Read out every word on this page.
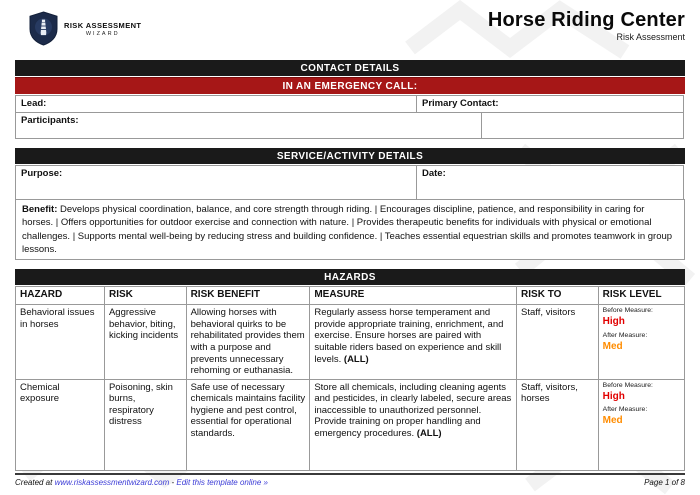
RISK ASSESSMENT
WIZARD
Horse Riding Center
Risk Assessment
CONTACT DETAILS
IN AN EMERGENCY CALL:
Lead:	Primary Contact:
Participants:
SERVICE/ACTIVITY DETAILS
Purpose:	Date:
Benefit: Develops physical coordination, balance, and core strength through riding. | Encourages discipline, patience, and responsibility in caring for horses. | Offers opportunities for outdoor exercise and connection with nature. | Provides therapeutic benefits for individuals with physical or emotional challenges. | Supports mental well-being by reducing stress and building confidence. | Teaches essential equestrian skills and promotes teamwork in group lessons.
HAZARDS
HAZARD	RISK	RISK BENEFIT	MEASURE	RISK TO	RISK LEVEL
Behavioral issues in horses	Aggressive behavior, biting, kicking incidents	Allowing horses with behavioral quirks to be rehabilitated provides them with a purpose and prevents unnecessary rehoming or euthanasia.	Regularly assess horse temperament and provide appropriate training, enrichment, and exercise. Ensure horses are paired with suitable riders based on experience and skill levels. (ALL)	Staff, visitors	Before Measure:
High
After Measure:
Med

Chemical exposure	Poisoning, skin burns, respiratory distress	Safe use of necessary chemicals maintains facility hygiene and pest control, essential for operational standards.	Store all chemicals, including cleaning agents and pesticides, in clearly labeled, secure areas inaccessible to unauthorized personnel. Provide training on proper handling and emergency procedures. (ALL)	Staff, visitors, horses	
Before Measure:
High
After Measure:
Med
Created at www.riskassessmentwizard.com - Edit this template online »	Page 1 of 8
